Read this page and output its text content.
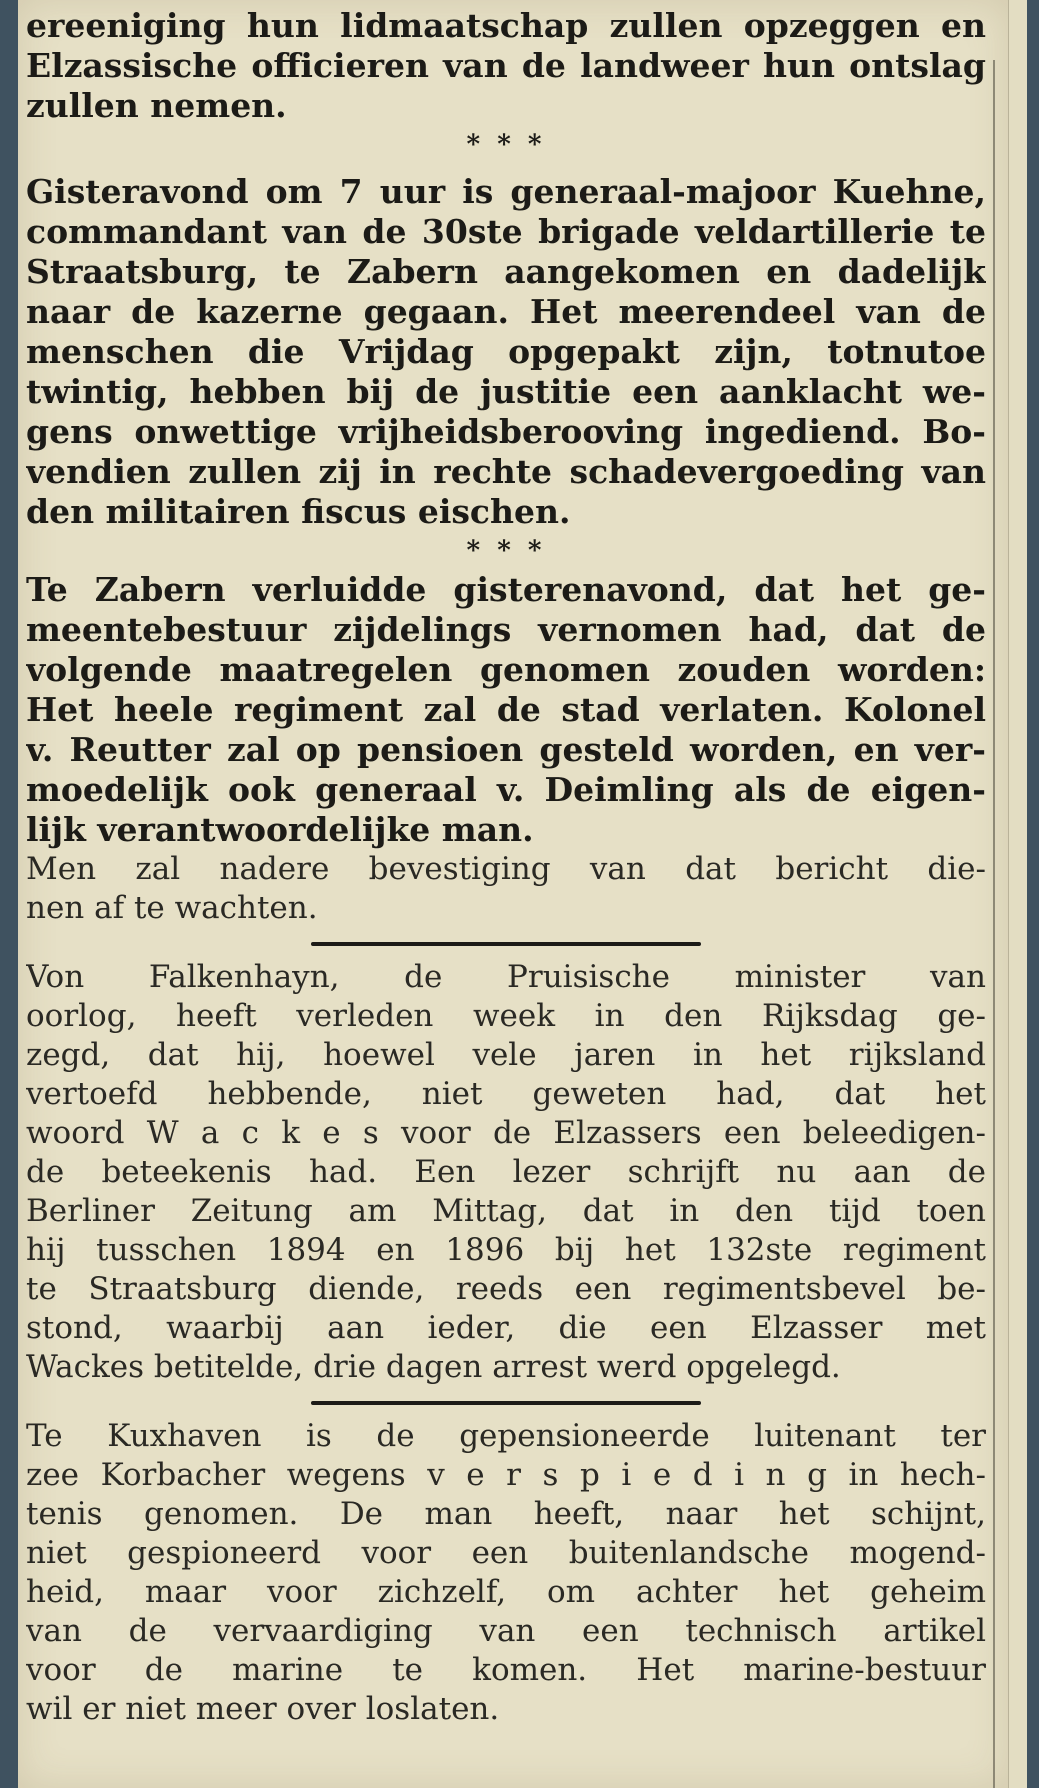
ereeniging hun lidmaatschap zullen opzeggen en

Elzassische officieren van de landweer hun ontslag

zullen nemen.

* * *

Gisteravond om 7 uur is generaal-majoor Kuehne,

commandant van de 30ste brigade veldartillerie te

Straatsburg, te Zabern aangekomen en dadelijk

naar de kazerne gegaan. Het meerendeel van de

menschen die Vrijdag opgepakt zijn, totnutoe

twintig, hebben bij de justitie een aanklacht we-

gens onwettige vrijheidsberooving ingediend. Bo-

vendien zullen zij in rechte schadevergoeding van

den militairen fiscus eischen.

* * *

Te Zabern verluidde gisterenavond, dat het ge-

meentebestuur zijdelings vernomen had, dat de

volgende maatregelen genomen zouden worden:

Het heele regiment zal de stad verlaten. Kolonel

v. Reutter zal op pensioen gesteld worden, en ver-

moedelijk ook generaal v. Deimling als de eigen-

lijk verantwoordelijke man.

Men zal nadere bevestiging van dat bericht die-

nen af te wachten.

Von Falkenhayn, de Pruisische minister van

oorlog, heeft verleden week in den Rijksdag ge-

zegd, dat hij, hoewel vele jaren in het rijksland

vertoefd hebbende, niet geweten had, dat het

woord W a c k e s voor de Elzassers een beleedigen-

de beteekenis had. Een lezer schrijft nu aan de

Berliner Zeitung am Mittag, dat in den tijd toen

hij tusschen 1894 en 1896 bij het 132ste regiment

te Straatsburg diende, reeds een regimentsbevel be-

stond, waarbij aan ieder, die een Elzasser met

Wackes betitelde, drie dagen arrest werd opgelegd.

Te Kuxhaven is de gepensioneerde luitenant ter

zee Korbacher wegens v e r s p i e d i n g in hech-

tenis genomen. De man heeft, naar het schijnt,

niet gespioneerd voor een buitenlandsche mogend-

heid, maar voor zichzelf, om achter het geheim

van de vervaardiging van een technisch artikel

voor de marine te komen. Het marine-bestuur

wil er niet meer over loslaten.
